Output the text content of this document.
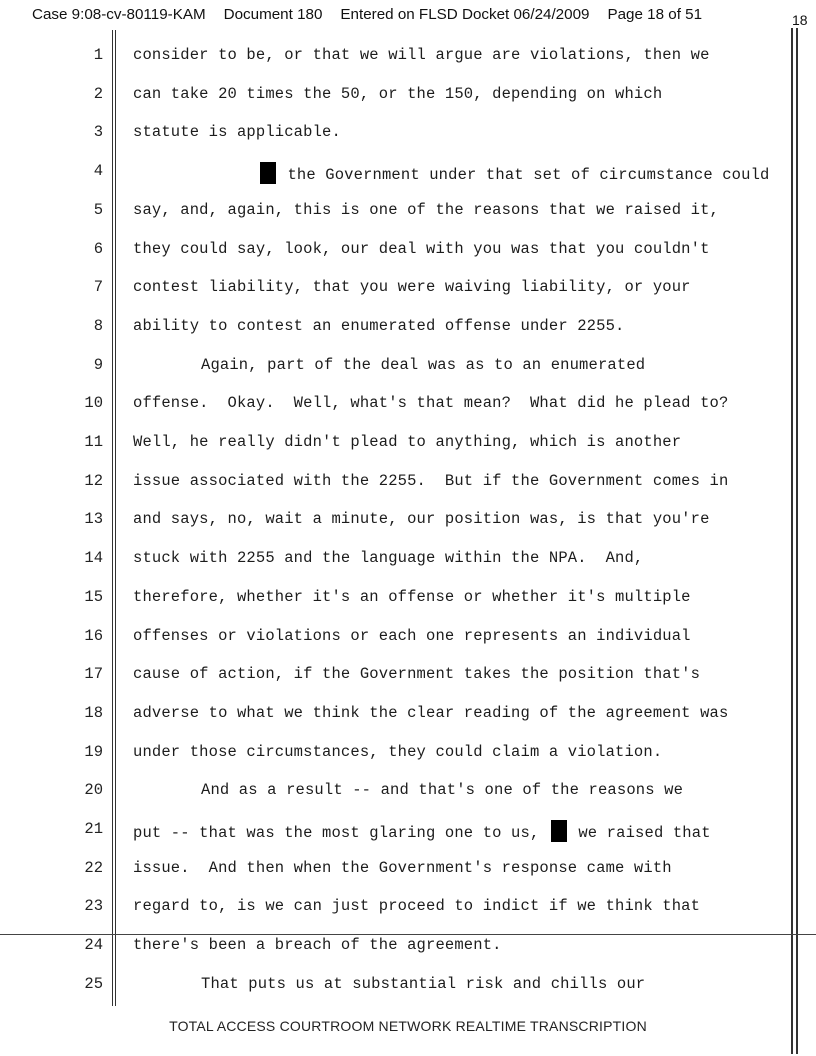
Case 9:08-cv-80119-KAM Document 180 Entered on FLSD Docket 06/24/2009 Page 18 of 51	18
1 consider to be, or that we will argue are violations, then we
2 can take 20 times the 50, or the 150, depending on which
3 statute is applicable.
4	the Government under that set of circumstance could
5 say, and, again, this is one of the reasons that we raised it,
6 they could say, look, our deal with you was that you couldn't
7 contest liability, that you were waiving liability, or your
8 ability to contest an enumerated offense under 2255.
9	Again, part of the deal was as to an enumerated
10 offense.  Okay.  Well, what's that mean?  What did he plead to?
11 Well, he really didn't plead to anything, which is another
12 issue associated with the 2255.  But if the Government comes in
13 and says, no, wait a minute, our position was, is that you're
14 stuck with 2255 and the language within the NPA.  And,
15 therefore, whether it's an offense or whether it's multiple
16 offenses or violations or each one represents an individual
17 cause of action, if the Government takes the position that's
18 adverse to what we think the clear reading of the agreement was
19 under those circumstances, they could claim a violation.
20	And as a result -- and that's one of the reasons we
21 put -- that was the most glaring one to us,  we raised that
22 issue.  And then when the Government's response came with
23 regard to, is we can just proceed to indict if we think that
24 there's been a breach of the agreement.
25	That puts us at substantial risk and chills our
TOTAL ACCESS COURTROOM NETWORK REALTIME TRANSCRIPTION
